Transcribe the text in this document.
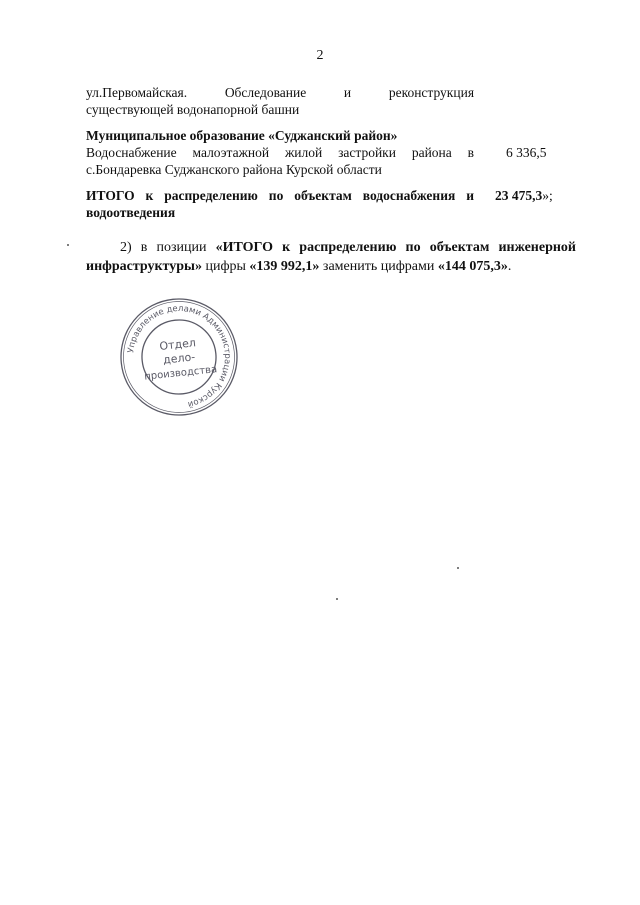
2
ул.Первомайская.	Обследование	и	реконструкция
существующей водонапорной башни
Муниципальное образование «Суджанский район»
Водоснабжение малоэтажной жилой застройки района в
с.Бондаревка Суджанского района Курской области
6 336,5
ИТОГО к распределению по объектам водоснабжения и
водоотведения
23 475,3»;
2) в позиции «ИТОГО к распределению по объектам инженерной инфраструктуры» цифры «139 992,1» заменить цифрами «144 075,3».
Управление делами Администрации Курской
Отдел
дело-
производства
